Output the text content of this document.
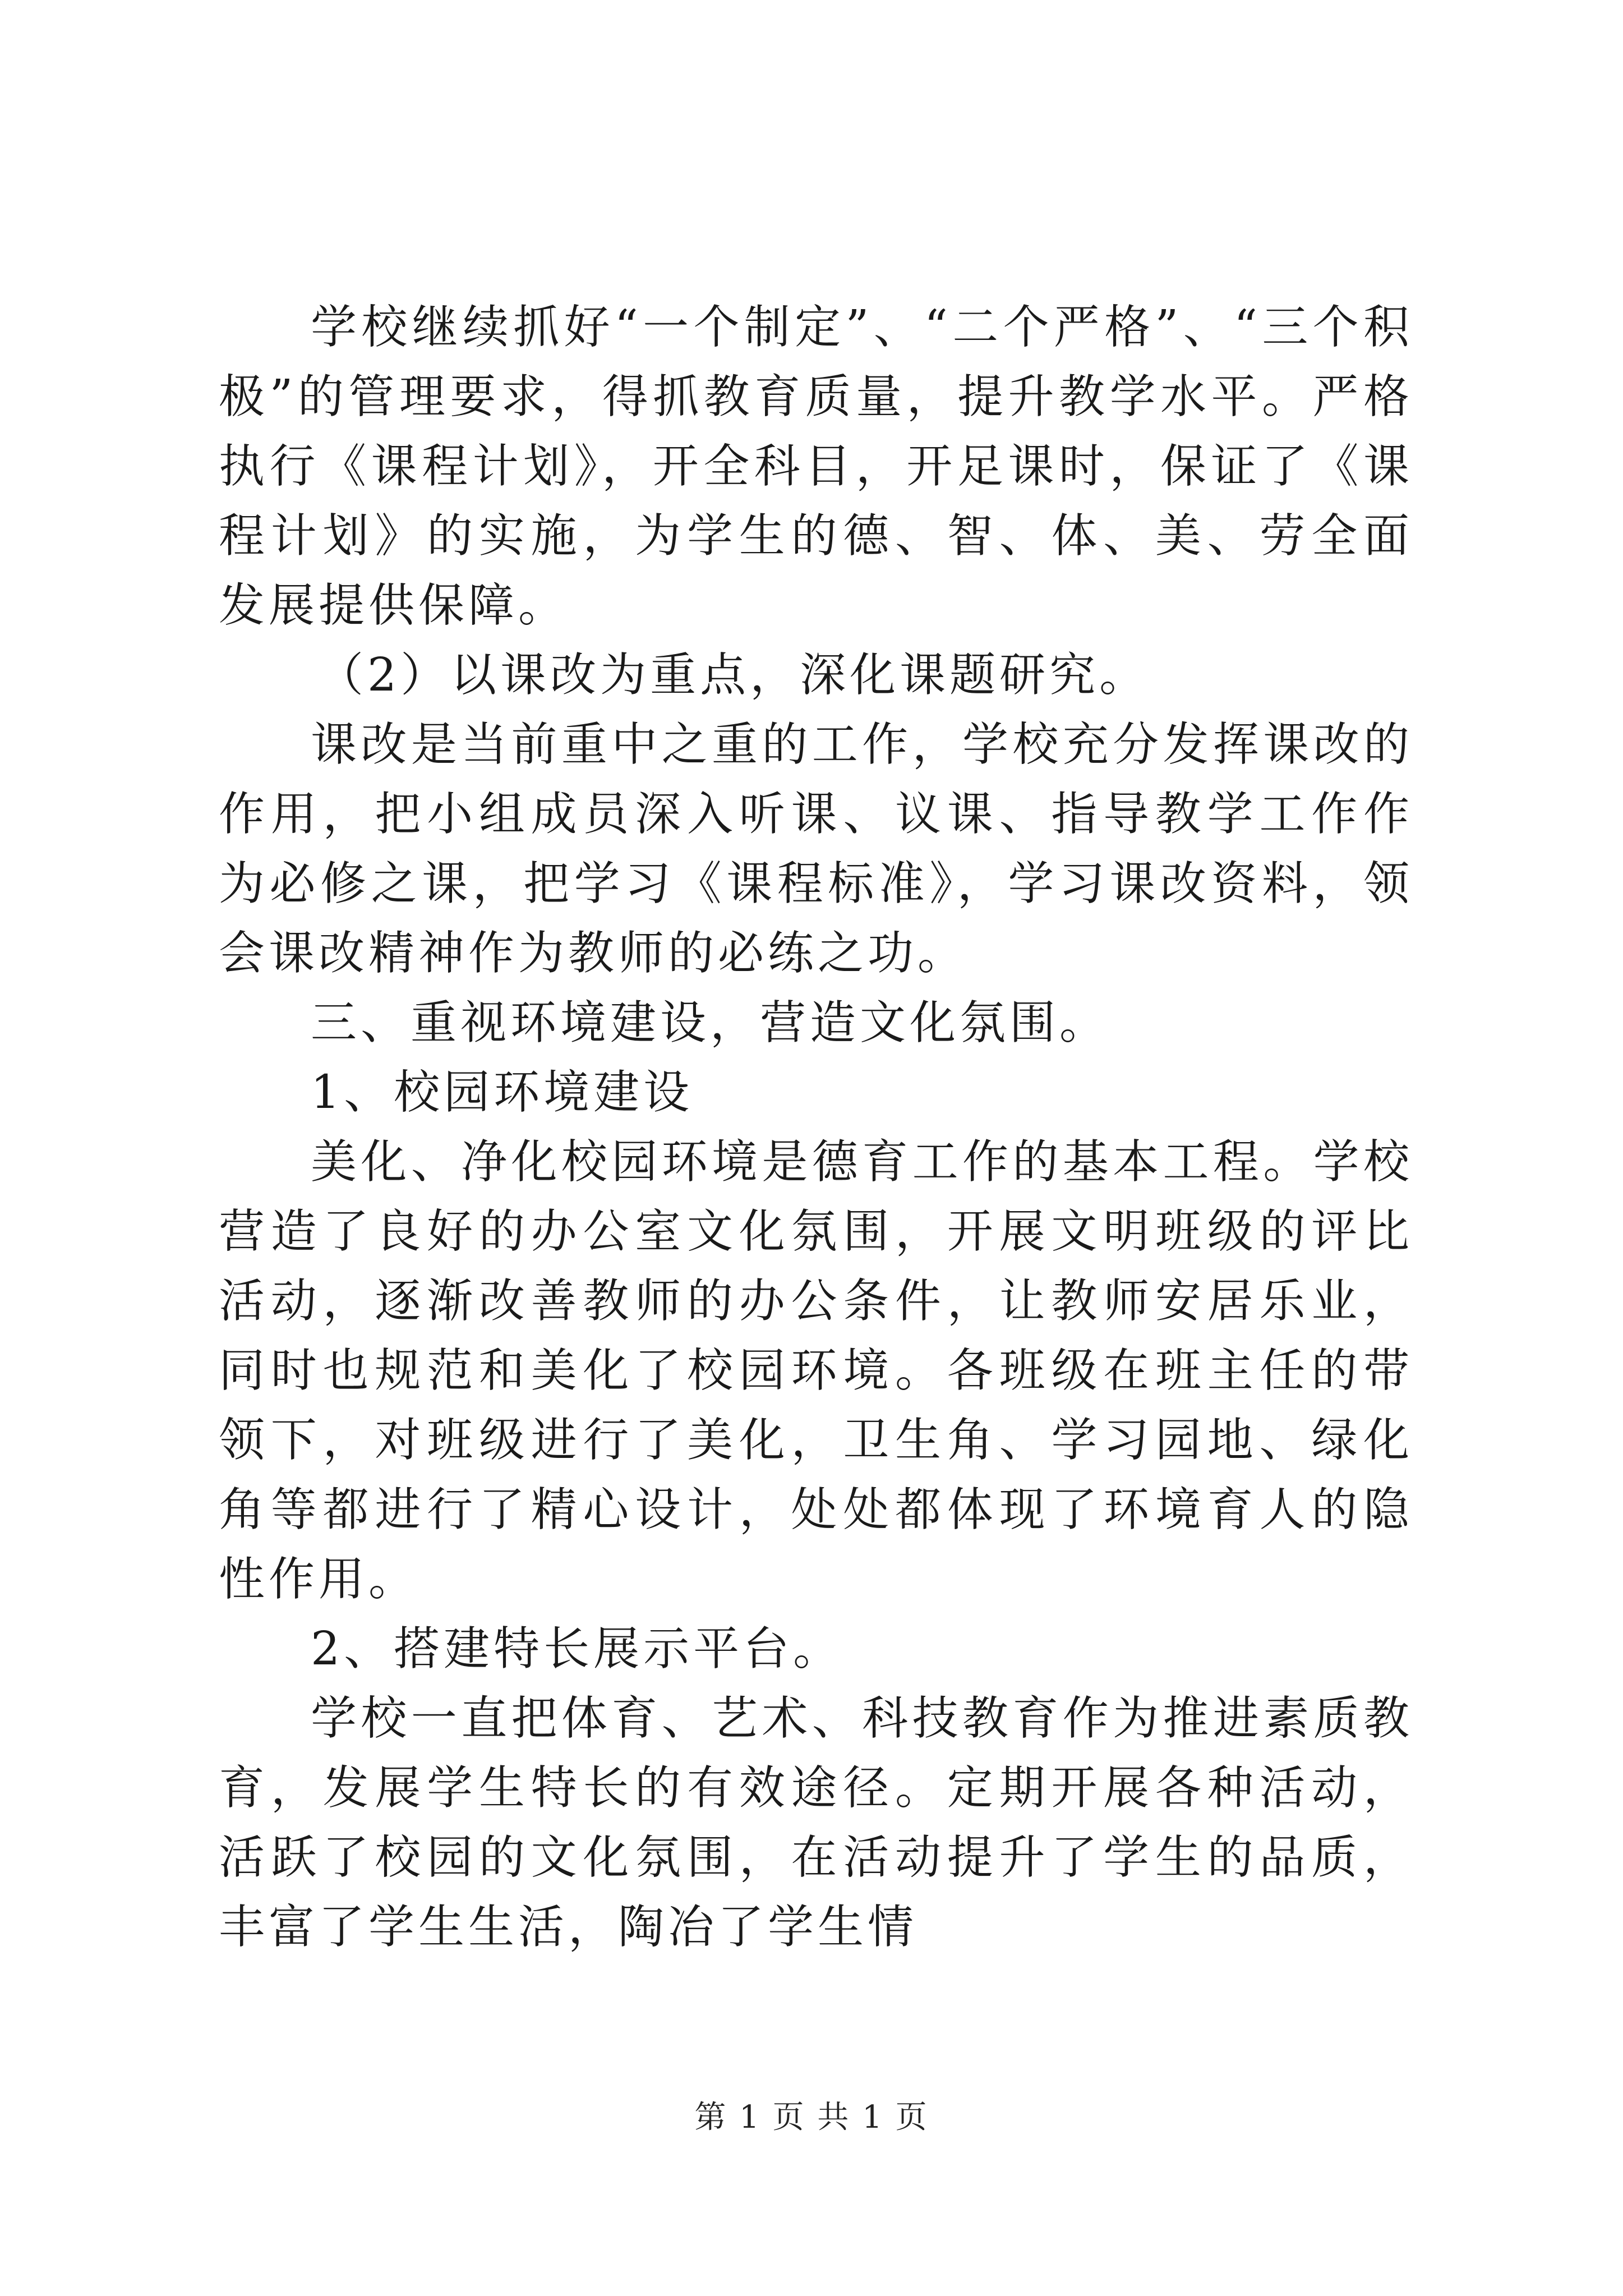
学校继续抓好“一个制定”、“二个严格”、“三个积极”的管理要求，得抓教育质量，提升教学水平。严格执行《课程计划》，开全科目，开足课时，保证了《课程计划》的实施，为学生的德、智、体、美、劳全面发展提供保障。

（2）以课改为重点，深化课题研究。

课改是当前重中之重的工作，学校充分发挥课改的作用，把小组成员深入听课、议课、指导教学工作作为必修之课，把学习《课程标准》，学习课改资料，领会课改精神作为教师的必练之功。

三、重视环境建设，营造文化氛围。

1、校园环境建设

美化、净化校园环境是德育工作的基本工程。学校营造了良好的办公室文化氛围，开展文明班级的评比活动，逐渐改善教师的办公条件，让教师安居乐业，同时也规范和美化了校园环境。各班级在班主任的带领下，对班级进行了美化，卫生角、学习园地、绿化角等都进行了精心设计，处处都体现了环境育人的隐性作用。

2、搭建特长展示平台。

学校一直把体育、艺术、科技教育作为推进素质教育，发展学生特长的有效途径。定期开展各种活动，活跃了校园的文化氛围，在活动提升了学生的品质，丰富了学生生活，陶冶了学生情

第 1 页 共 1 页
